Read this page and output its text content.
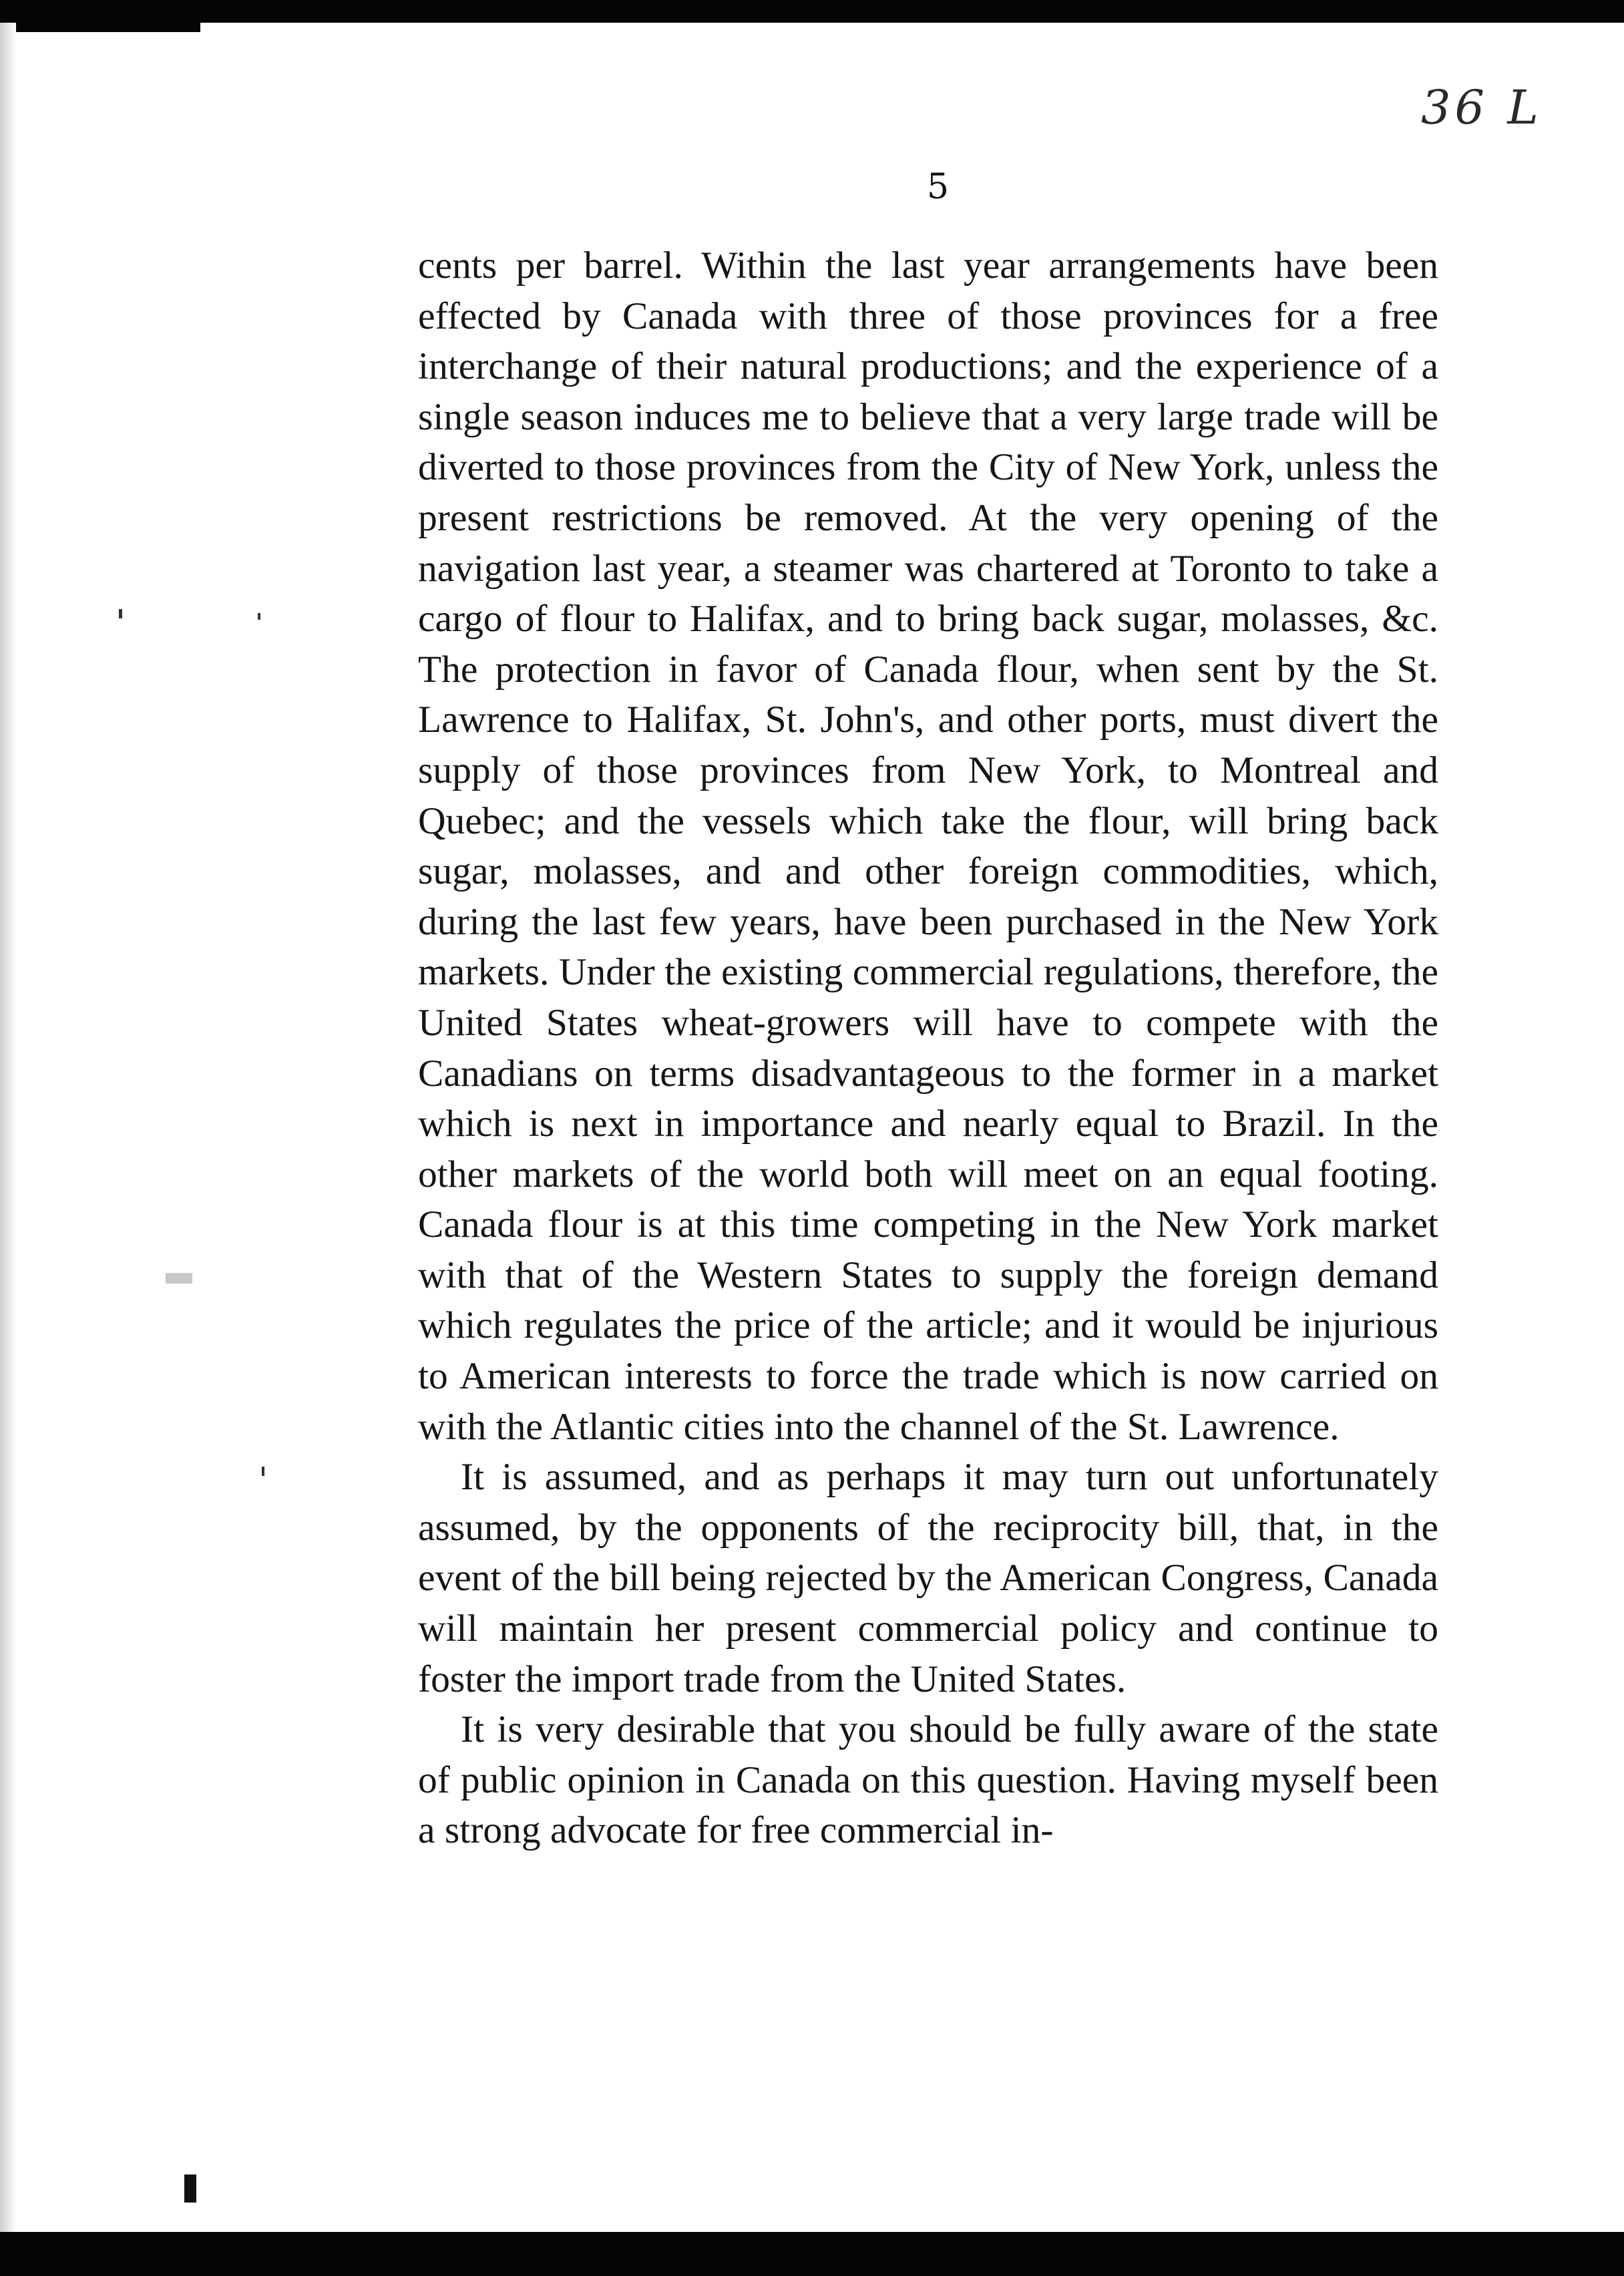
36 L
5

cents per barrel. Within the last year arrangements have been effected by Canada with three of those provinces for a free interchange of their natural productions; and the experience of a single season induces me to believe that a very large trade will be diverted to those provinces from the City of New York, unless the present restrictions be removed. At the very opening of the navigation last year, a steamer was chartered at Toronto to take a cargo of flour to Halifax, and to bring back sugar, molasses, &c. The protection in favor of Canada flour, when sent by the St. Lawrence to Halifax, St. John's, and other ports, must divert the supply of those provinces from New York, to Montreal and Quebec; and the vessels which take the flour, will bring back sugar, molasses, and and other foreign commodities, which, during the last few years, have been purchased in the New York markets. Under the existing commercial regulations, therefore, the United States wheat-growers will have to compete with the Canadians on terms disadvantageous to the former in a market which is next in importance and nearly equal to Brazil. In the other markets of the world both will meet on an equal footing. Canada flour is at this time competing in the New York market with that of the Western States to supply the foreign demand which regulates the price of the article; and it would be injurious to American interests to force the trade which is now carried on with the Atlantic cities into the channel of the St. Lawrence.

It is assumed, and as perhaps it may turn out unfortunately assumed, by the opponents of the reciprocity bill, that, in the event of the bill being rejected by the American Congress, Canada will maintain her present commercial policy and continue to foster the import trade from the United States.

It is very desirable that you should be fully aware of the state of public opinion in Canada on this question. Having myself been a strong advocate for free commercial in-
